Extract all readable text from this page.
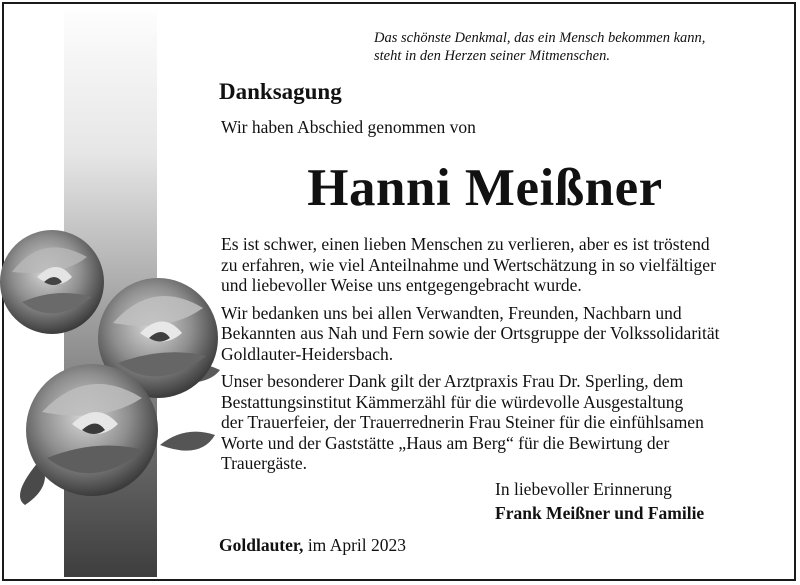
Das schönste Denkmal, das ein Mensch bekommen kann,
steht in den Herzen seiner Mitmenschen.
Danksagung
Wir haben Abschied genommen von
Hanni Meißner

Es ist schwer, einen lieben Menschen zu verlieren, aber es ist tröstend
zu erfahren, wie viel Anteilnahme und Wertschätzung in so vielfältiger
und liebevoller Weise uns entgegengebracht wurde.

Wir bedanken uns bei allen Verwandten, Freunden, Nachbarn und
Bekannten aus Nah und Fern sowie der Ortsgruppe der Volkssolidarität
Goldlauter-Heidersbach.

Unser besonderer Dank gilt der Arztpraxis Frau Dr. Sperling, dem
Bestattungsinstitut Kämmerzähl für die würdevolle Ausgestaltung
der Trauerfeier, der Trauerrednerin Frau Steiner für die einfühlsamen
Worte und der Gaststätte „Haus am Berg“ für die Bewirtung der
Trauergäste.

In liebevoller Erinnerung
Frank Meißner und Familie
Goldlauter, im April 2023
